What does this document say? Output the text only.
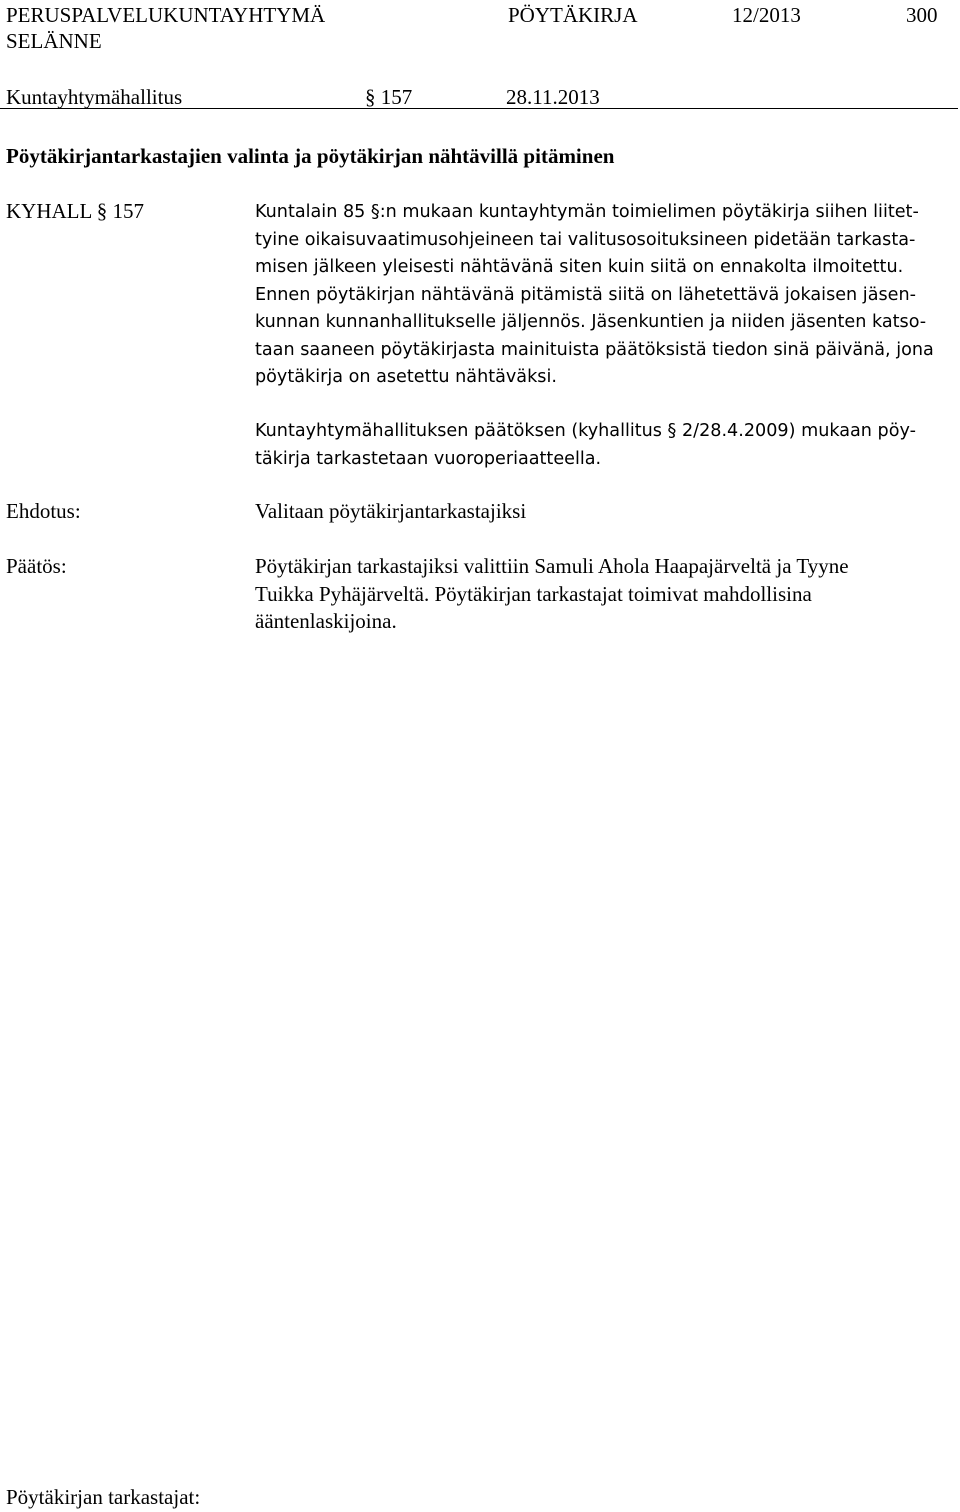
PERUSPALVELUKUNTAYHTYMÄ
SELÄNNE
PÖYTÄKIRJA	12/2013	300
Kuntayhtymähallitus	§ 157	28.11.2013
Pöytäkirjantarkastajien valinta ja pöytäkirjan nähtävillä pitäminen
KYHALL § 157	Kuntalain 85 §:n mukaan kuntayhtymän toimielimen pöytäkirja siihen liitet-
tyine oikaisuvaatimusohjeineen tai valitusosoituksineen pidetään tarkasta-
misen jälkeen yleisesti nähtävänä siten kuin siitä on ennakolta ilmoitettu.
Ennen pöytäkirjan nähtävänä pitämistä siitä on lähetettävä jokaisen jäsen-
kunnan kunnanhallitukselle jäljennös. Jäsenkuntien ja niiden jäsenten katso-
taan saaneen pöytäkirjasta mainituista päätöksistä tiedon sinä päivänä, jona
pöytäkirja on asetettu nähtäväksi.
Kuntayhtymähallituksen päätöksen (kyhallitus § 2/28.4.2009) mukaan pöy-
täkirja tarkastetaan vuoroperiaatteella.
Ehdotus:	Valitaan pöytäkirjantarkastajiksi
Päätös:	Pöytäkirjan tarkastajiksi valittiin Samuli Ahola Haapajärveltä ja Tyyne
Tuikka Pyhäjärveltä. Pöytäkirjan tarkastajat toimivat mahdollisina
ääntenlaskijoina.
Pöytäkirjan tarkastajat:
